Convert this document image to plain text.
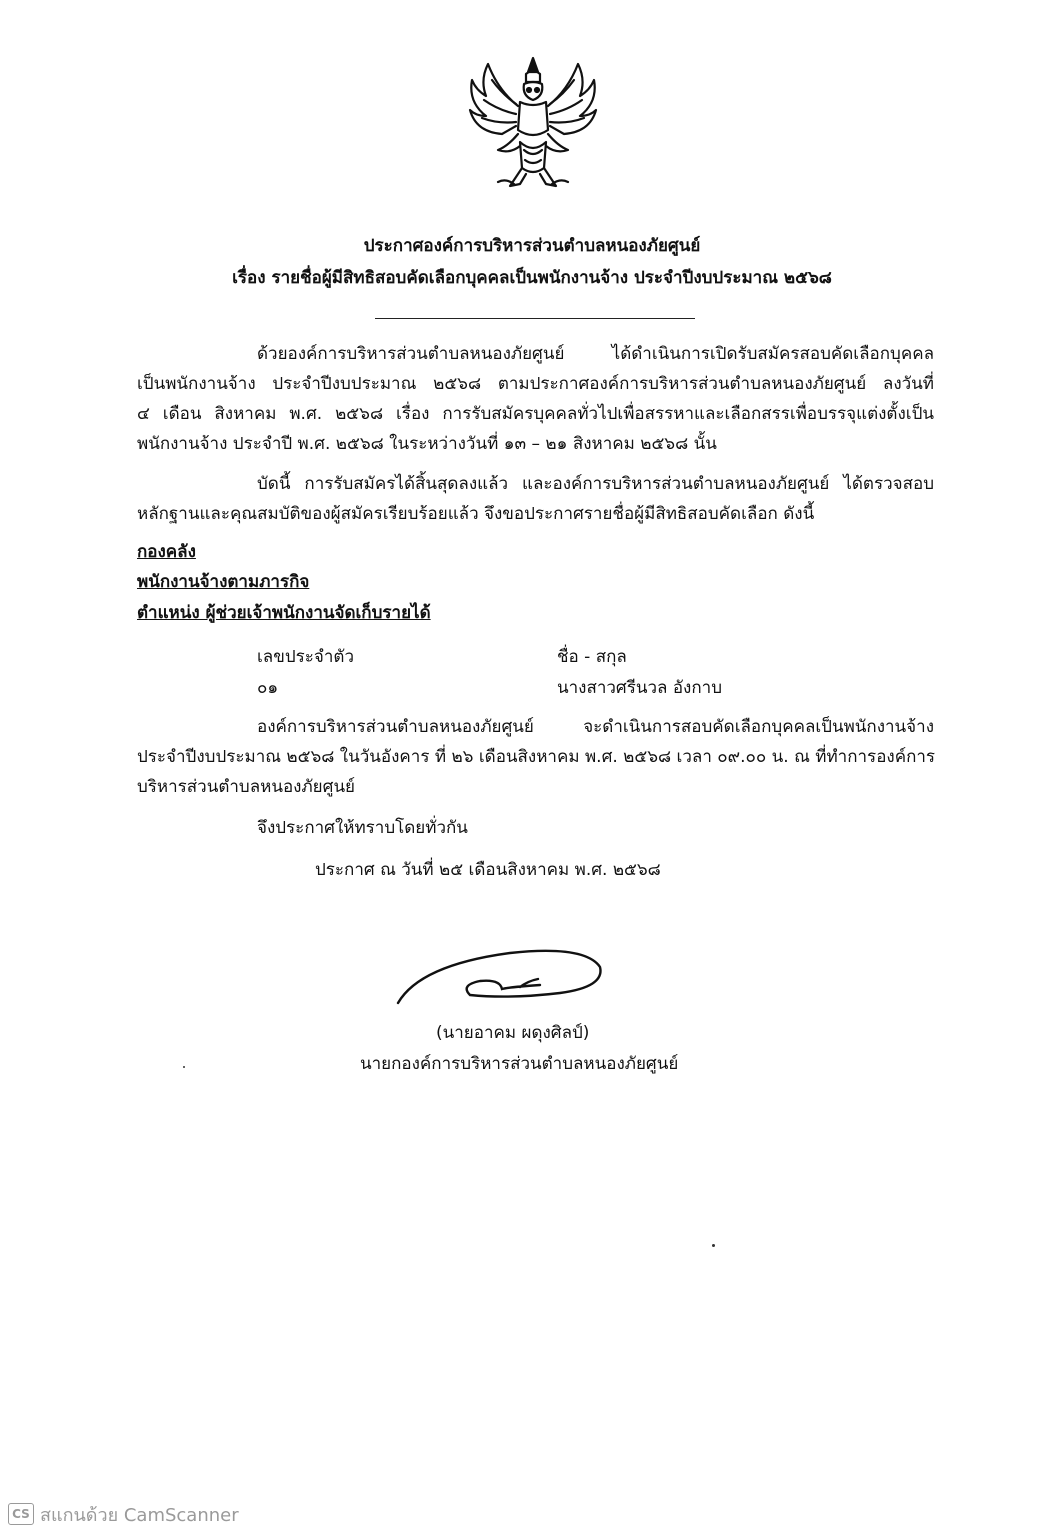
ประกาศองค์การบริหารส่วนตำบลหนองภัยศูนย์
เรื่อง รายชื่อผู้มีสิทธิสอบคัดเลือกบุคคลเป็นพนักงานจ้าง ประจำปีงบประมาณ ๒๕๖๘
ด้วยองค์การบริหารส่วนตำบลหนองภัยศูนย์ ได้ดำเนินการเปิดรับสมัครสอบคัดเลือกบุคคล
เป็นพนักงานจ้าง ประจำปีงบประมาณ ๒๕๖๘ ตามประกาศองค์การบริหารส่วนตำบลหนองภัยศูนย์ ลงวันที่
๔ เดือน สิงหาคม พ.ศ. ๒๕๖๘ เรื่อง การรับสมัครบุคคลทั่วไปเพื่อสรรหาและเลือกสรรเพื่อบรรจุแต่งตั้งเป็น
พนักงานจ้าง ประจำปี พ.ศ. ๒๕๖๘ ในระหว่างวันที่ ๑๓ – ๒๑ สิงหาคม ๒๕๖๘ นั้น
บัดนี้ การรับสมัครได้สิ้นสุดลงแล้ว และองค์การบริหารส่วนตำบลหนองภัยศูนย์ ได้ตรวจสอบ
หลักฐานและคุณสมบัติของผู้สมัครเรียบร้อยแล้ว จึงขอประกาศรายชื่อผู้มีสิทธิสอบคัดเลือก ดังนี้
กองคลัง
พนักงานจ้างตามภารกิจ
ตำแหน่ง ผู้ช่วยเจ้าพนักงานจัดเก็บรายได้
เลขประจำตัว	ชื่อ - สกุล
๐๑	นางสาวศรีนวล อังกาบ
องค์การบริหารส่วนตำบลหนองภัยศูนย์ จะดำเนินการสอบคัดเลือกบุคคลเป็นพนักงานจ้าง
ประจำปีงบประมาณ ๒๕๖๘ ในวันอังคาร ที่ ๒๖ เดือนสิงหาคม พ.ศ. ๒๕๖๘ เวลา ๐๙.๐๐ น. ณ ที่ทำการองค์การ
บริหารส่วนตำบลหนองภัยศูนย์
จึงประกาศให้ทราบโดยทั่วกัน
ประกาศ ณ วันที่ ๒๕ เดือนสิงหาคม พ.ศ. ๒๕๖๘
(นายอาคม ผดุงศิลป์)
นายกองค์การบริหารส่วนตำบลหนองภัยศูนย์
CS สแกนด้วย CamScanner
